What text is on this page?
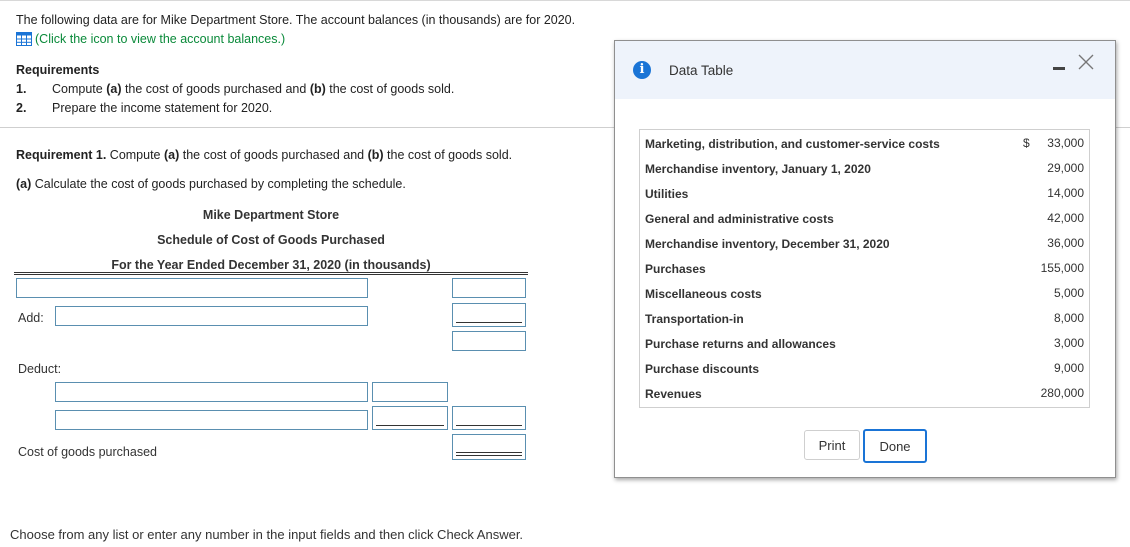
The following data are for Mike Department Store. The account balances (in thousands) are for 2020.
(Click the icon to view the account balances.)
Requirements
1. Compute (a) the cost of goods purchased and (b) the cost of goods sold.
2. Prepare the income statement for 2020.
Requirement 1. Compute (a) the cost of goods purchased and (b) the cost of goods sold.
(a) Calculate the cost of goods purchased by completing the schedule.
Mike Department Store
Schedule of Cost of Goods Purchased
For the Year Ended December 31, 2020 (in thousands)
Add:
Deduct:
Cost of goods purchased
Choose from any list or enter any number in the input fields and then click Check Answer.
i	Data Table
Marketing, distribution, and customer-service costs	$ 33,000
Merchandise inventory, January 1, 2020	29,000
Utilities	14,000
General and administrative costs	42,000
Merchandise inventory, December 31, 2020	36,000
Purchases	155,000
Miscellaneous costs	5,000
Transportation-in	8,000
Purchase returns and allowances	3,000
Purchase discounts	9,000
Revenues	280,000
Print	Done
